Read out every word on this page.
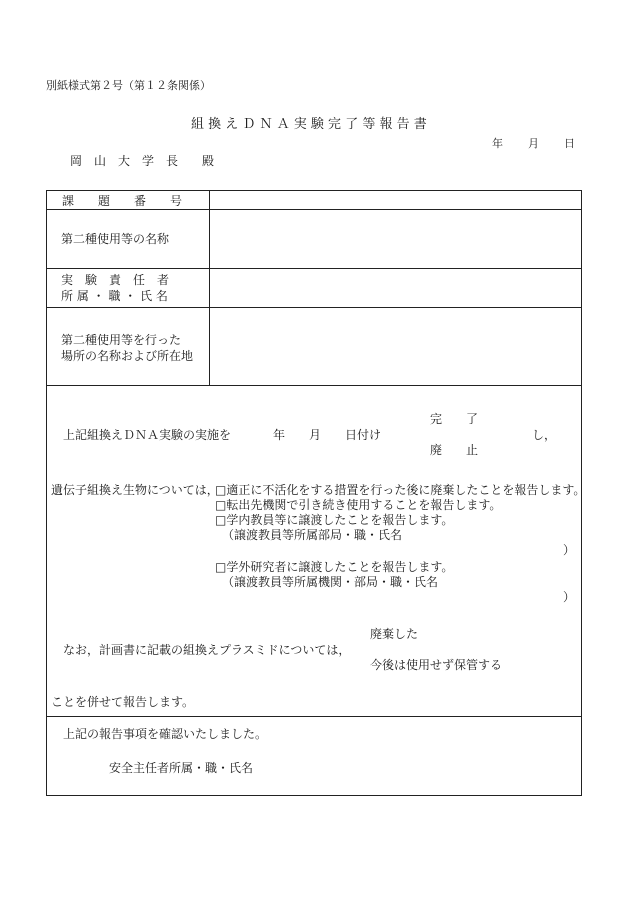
別紙様式第２号（第１２条関係）
組 換 え Ｄ Ｎ Ａ 実 験 完 了 等 報 告 書
年 月 日
岡　山　大　学　長　　殿
課　　題　　番　　号
第二種使用等の名称
実　験　責　任　者
所 属 ・ 職 ・ 氏 名
第二種使用等を行った
場所の名称および所在地
完　　了
上記組換えＤＮＡ実験の実施を	年 月 日付け	し，
廃　　止
遺伝子組換え生物については，
□適正に不活化をする措置を行った後に廃棄したことを報告します。
□転出先機関で引き続き使用することを報告します。
□学内教員等に譲渡したことを報告します。
（譲渡教員等所属部局・職・氏名
）
□学外研究者に譲渡したことを報告します。
（譲渡教員等所属機関・部局・職・氏名
）
廃棄した
なお，計画書に記載の組換えプラスミドについては，
今後は使用せず保管する
ことを併せて報告します。
上記の報告事項を確認いたしました。
安全主任者所属・職・氏名
